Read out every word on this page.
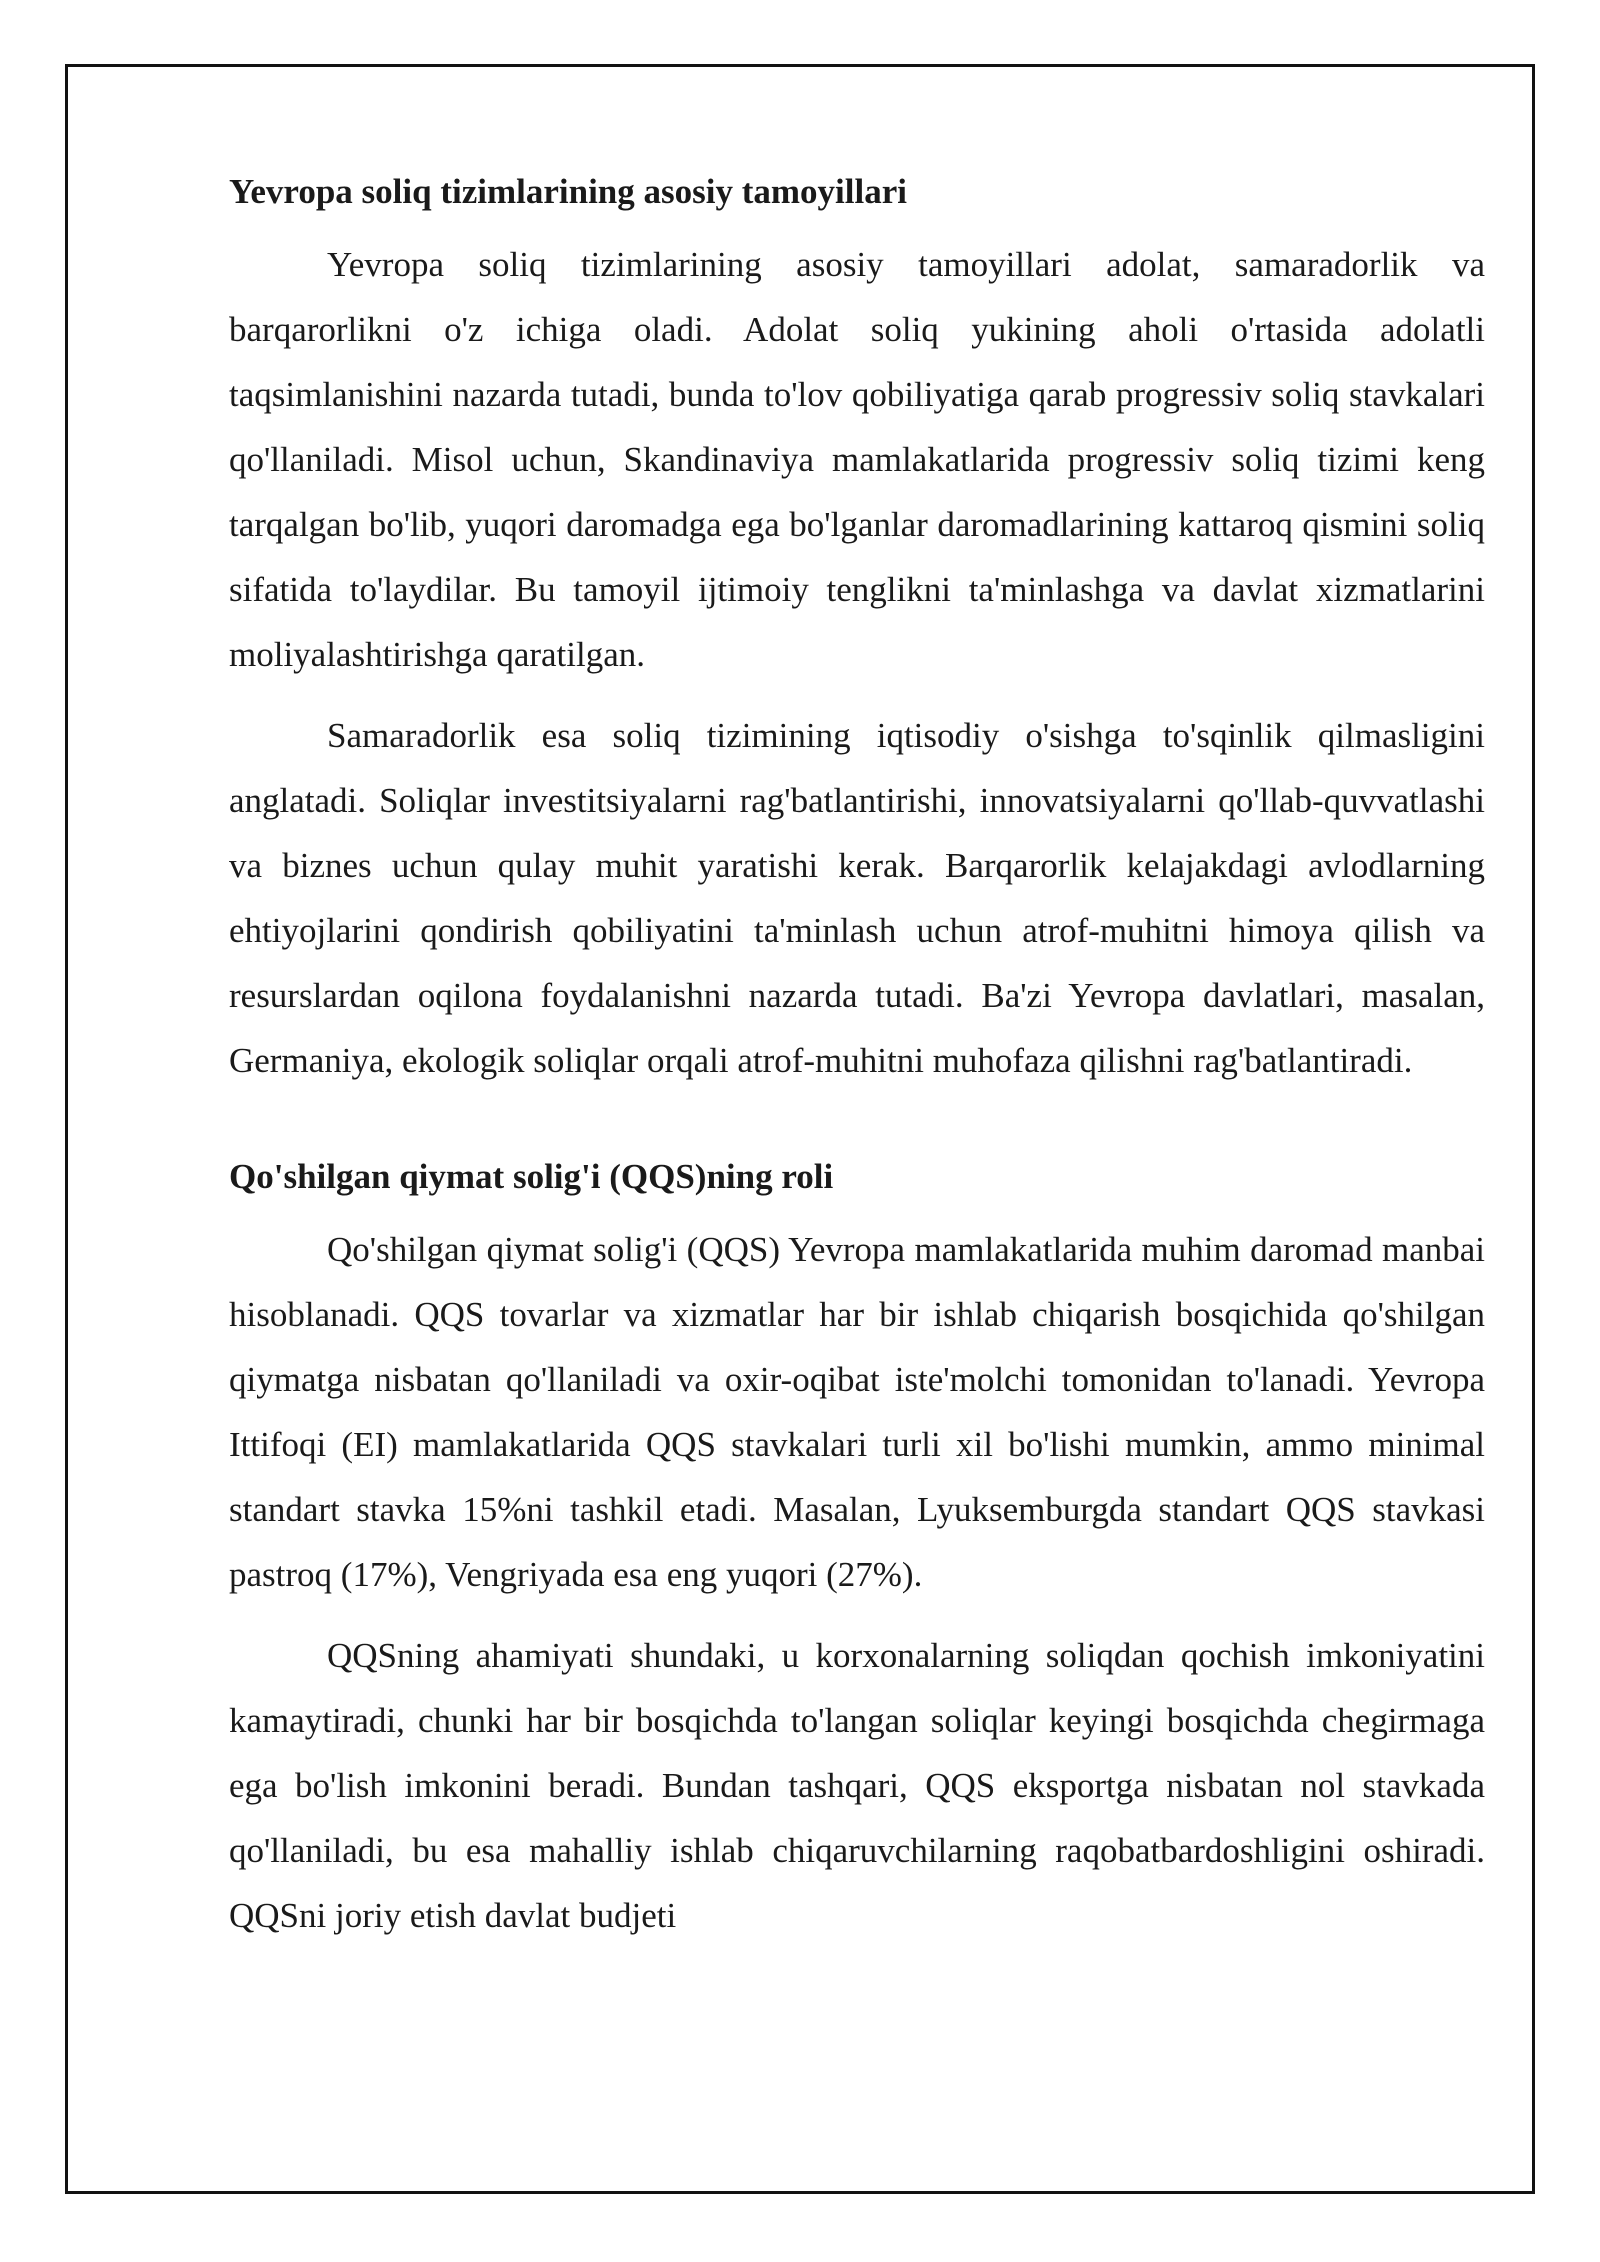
Yevropa soliq tizimlarining asosiy tamoyillari

Yevropa soliq tizimlarining asosiy tamoyillari adolat, samaradorlik va barqarorlikni o'z ichiga oladi. Adolat soliq yukining aholi o'rtasida adolatli taqsimlanishini nazarda tutadi, bunda to'lov qobiliyatiga qarab progressiv soliq stavkalari qo'llaniladi. Misol uchun, Skandinaviya mamlakatlarida progressiv soliq tizimi keng tarqalgan bo'lib, yuqori daromadga ega bo'lganlar daromadlarining kattaroq qismini soliq sifatida to'laydilar. Bu tamoyil ijtimoiy tenglikni ta'minlashga va davlat xizmatlarini moliyalashtirishga qaratilgan.

Samaradorlik esa soliq tizimining iqtisodiy o'sishga to'sqinlik qilmasligini anglatadi. Soliqlar investitsiyalarni rag'batlantirishi, innovatsiyalarni qo'llab-quvvatlashi va biznes uchun qulay muhit yaratishi kerak. Barqarorlik kelajakdagi avlodlarning ehtiyojlarini qondirish qobiliyatini ta'minlash uchun atrof-muhitni himoya qilish va resurslardan oqilona foydalanishni nazarda tutadi. Ba'zi Yevropa davlatlari, masalan, Germaniya, ekologik soliqlar orqali atrof-muhitni muhofaza qilishni rag'batlantiradi.

Qo'shilgan qiymat solig'i (QQS)ning roli

Qo'shilgan qiymat solig'i (QQS) Yevropa mamlakatlarida muhim daromad manbai hisoblanadi. QQS tovarlar va xizmatlar har bir ishlab chiqarish bosqichida qo'shilgan qiymatga nisbatan qo'llaniladi va oxir-oqibat iste'molchi tomonidan to'lanadi. Yevropa Ittifoqi (EI) mamlakatlarida QQS stavkalari turli xil bo'lishi mumkin, ammo minimal standart stavka 15%ni tashkil etadi. Masalan, Lyuksemburgda standart QQS stavkasi pastroq (17%), Vengriyada esa eng yuqori (27%).

QQSning ahamiyati shundaki, u korxonalarning soliqdan qochish imkoniyatini kamaytiradi, chunki har bir bosqichda to'langan soliqlar keyingi bosqichda chegirmaga ega bo'lish imkonini beradi. Bundan tashqari, QQS eksportga nisbatan nol stavkada qo'llaniladi, bu esa mahalliy ishlab chiqaruvchilarning raqobatbardoshligini oshiradi. QQSni joriy etish davlat budjeti
